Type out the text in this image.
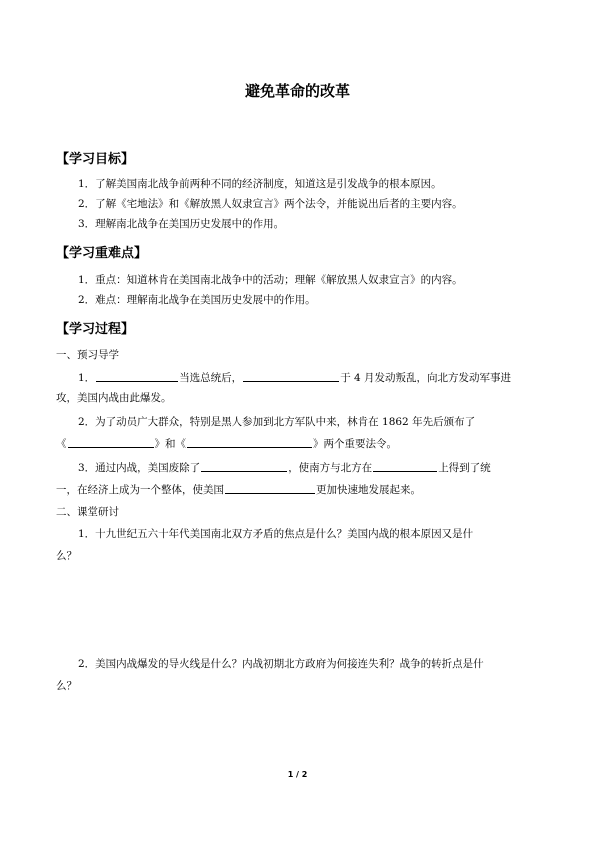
避免革命的改革
【学习目标】
1．了解美国南北战争前两种不同的经济制度，知道这是引发战争的根本原因。
2．了解《宅地法》和《解放黑人奴隶宣言》两个法令，并能说出后者的主要内容。
3．理解南北战争在美国历史发展中的作用。
【学习重难点】
1．重点：知道林肯在美国南北战争中的活动；理解《解放黑人奴隶宣言》的内容。
2．难点：理解南北战争在美国历史发展中的作用。
【学习过程】
一、预习导学
1．	当选总统后，	于 4 月发动叛乱，向北方发动军事进
攻，美国内战由此爆发。
2．为了动员广大群众，特别是黑人参加到北方军队中来，林肯在 1862 年先后颁布了
《	》和《	》两个重要法令。
3．通过内战，美国废除了	，使南方与北方在	上得到了统
一，在经济上成为一个整体，使美国	更加快速地发展起来。
二、课堂研讨
1．十九世纪五六十年代美国南北双方矛盾的焦点是什么？美国内战的根本原因又是什
么？
2．美国内战爆发的导火线是什么？内战初期北方政府为何接连失利？战争的转折点是什
么？
1 / 2
